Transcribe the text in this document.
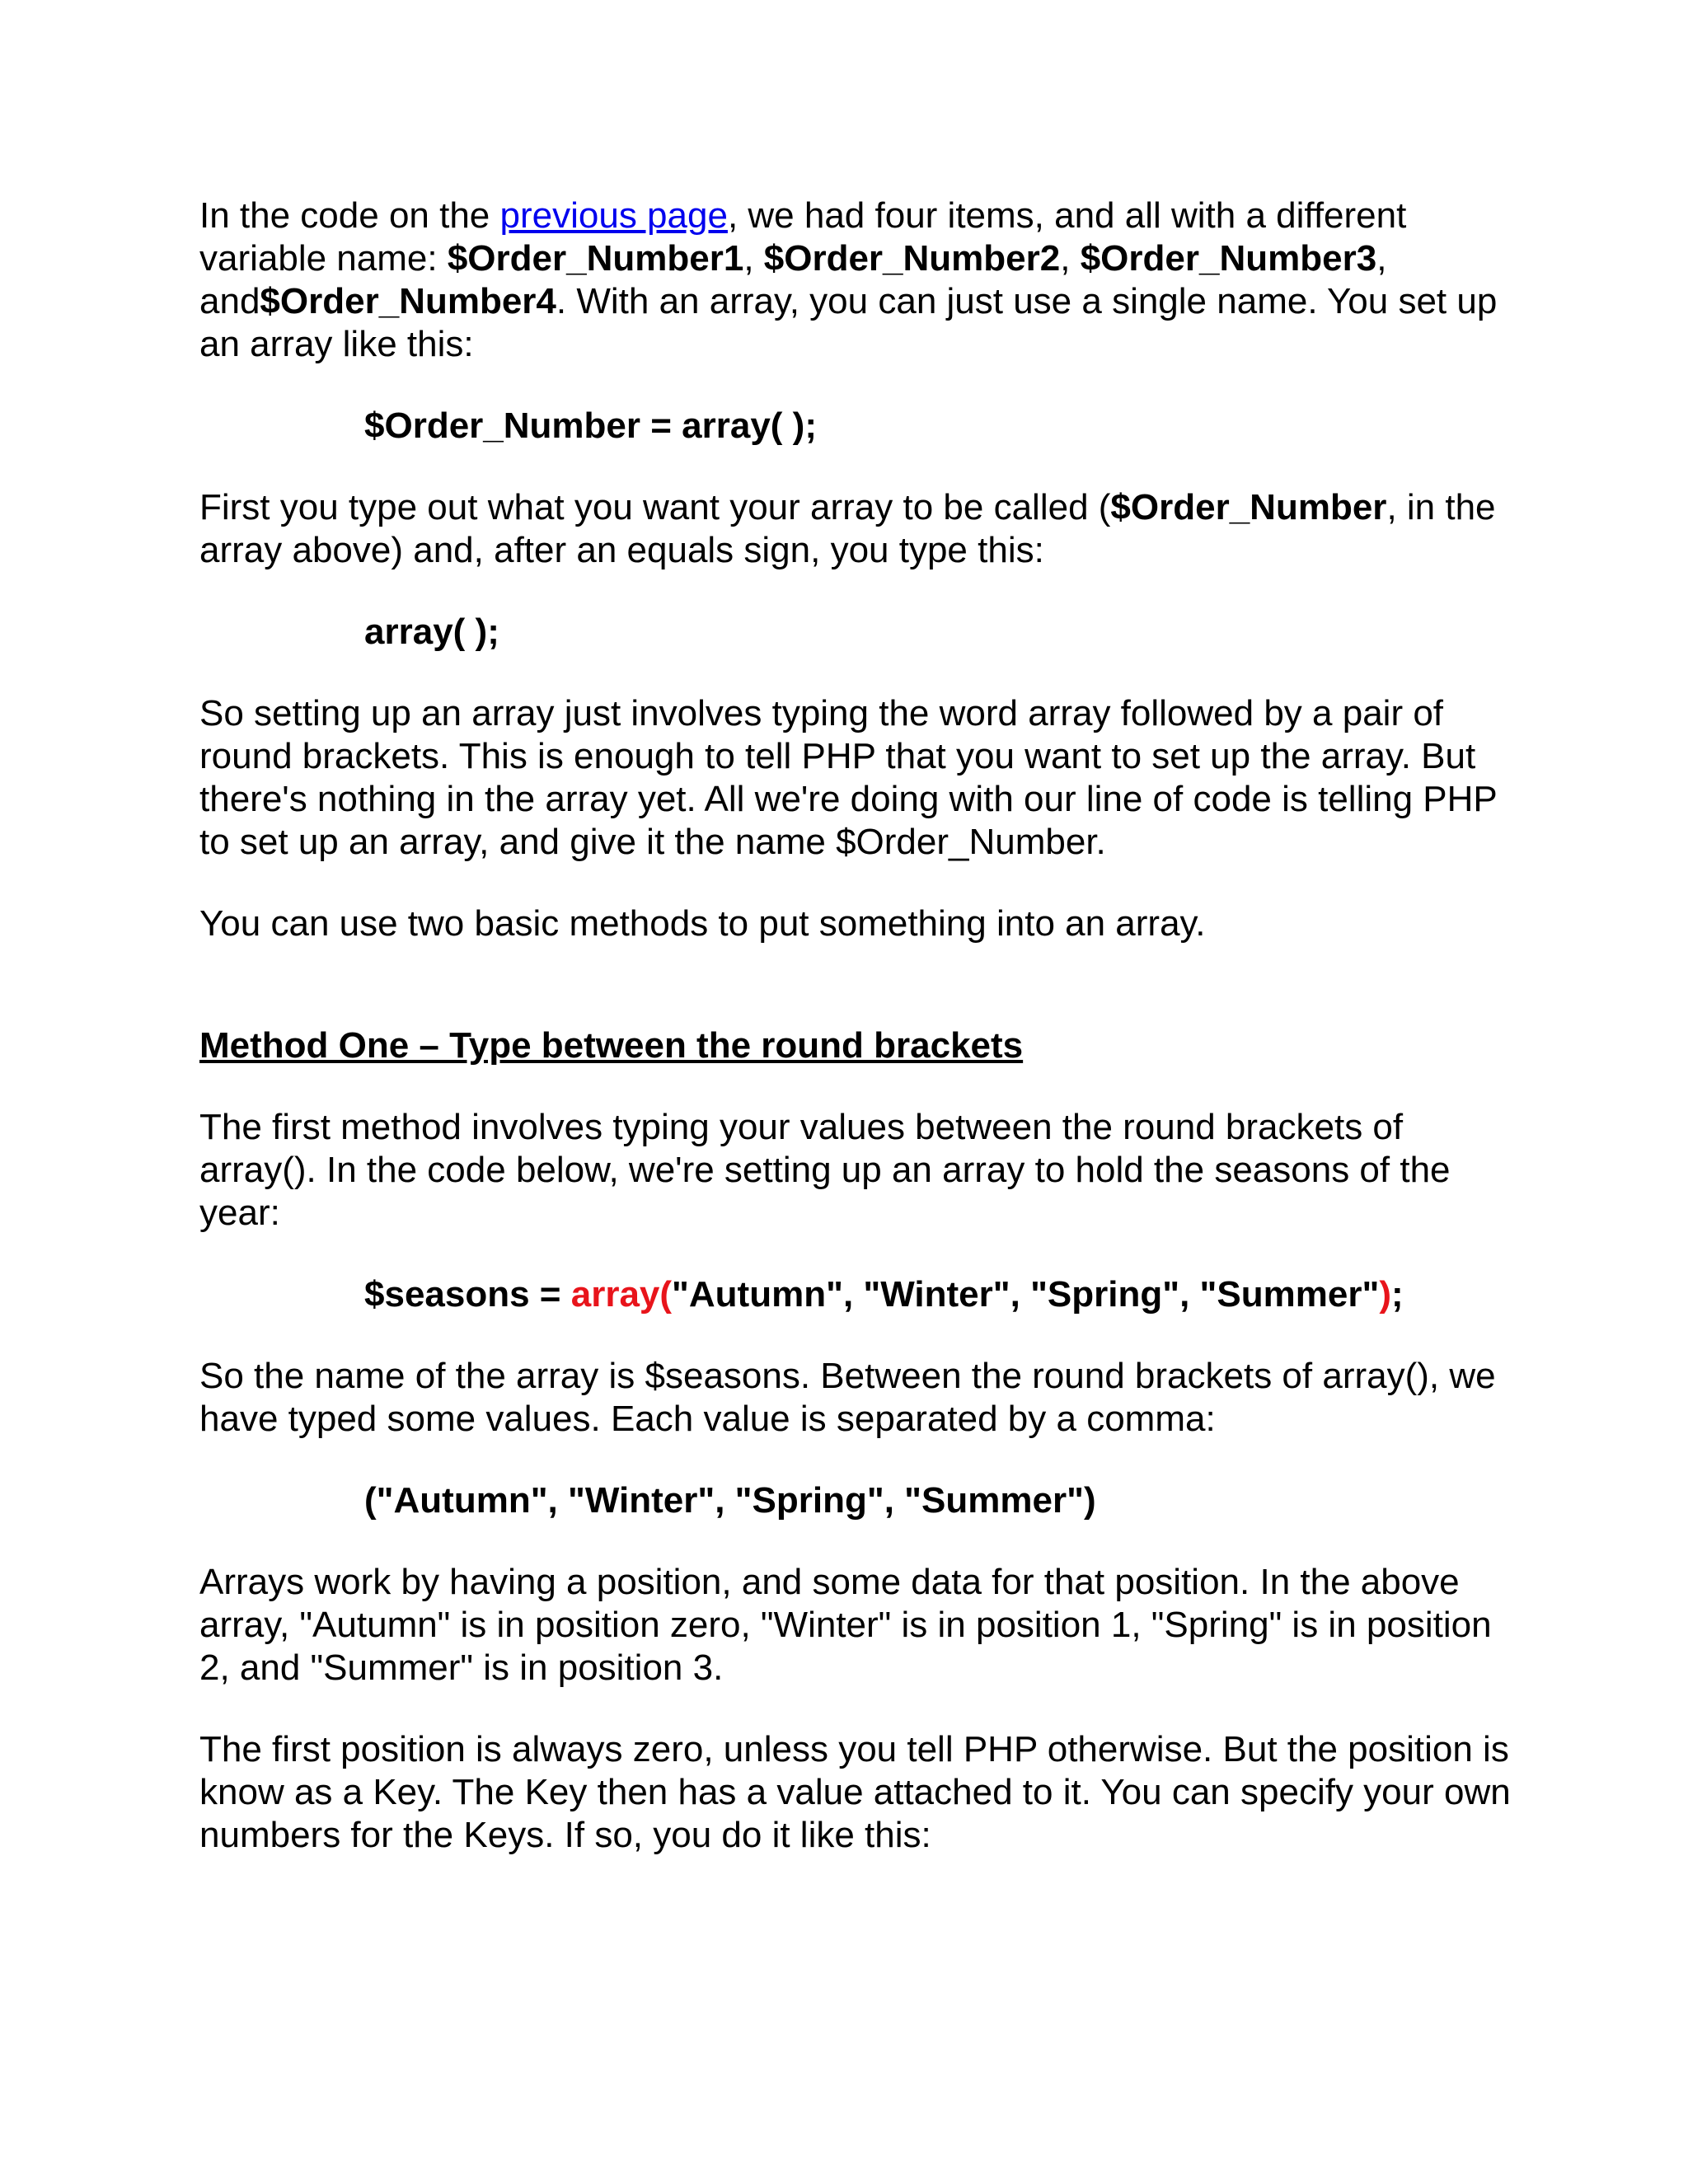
In the code on the previous page, we had four items, and all with a different variable name: $Order_Number1, $Order_Number2, $Order_Number3, and$Order_Number4. With an array, you can just use a single name. You set up an array like this:

$Order_Number = array( );

First you type out what you want your array to be called ($Order_Number, in the array above) and, after an equals sign, you type this:

array( );

So setting up an array just involves typing the word array followed by a pair of round brackets. This is enough to tell PHP that you want to set up the array. But there's nothing in the array yet. All we're doing with our line of code is telling PHP to set up an array, and give it the name $Order_Number.

You can use two basic methods to put something into an array.

Method One – Type between the round brackets

The first method involves typing your values between the round brackets of array(). In the code below, we're setting up an array to hold the seasons of the year:

$seasons = array("Autumn", "Winter", "Spring", "Summer");

So the name of the array is $seasons. Between the round brackets of array(), we have typed some values. Each value is separated by a comma:

("Autumn", "Winter", "Spring", "Summer")

Arrays work by having a position, and some data for that position. In the above array, "Autumn" is in position zero, "Winter" is in position 1, "Spring" is in position 2, and "Summer" is in position 3.

The first position is always zero, unless you tell PHP otherwise. But the position is know as a Key. The Key then has a value attached to it. You can specify your own numbers for the Keys. If so, you do it like this:
